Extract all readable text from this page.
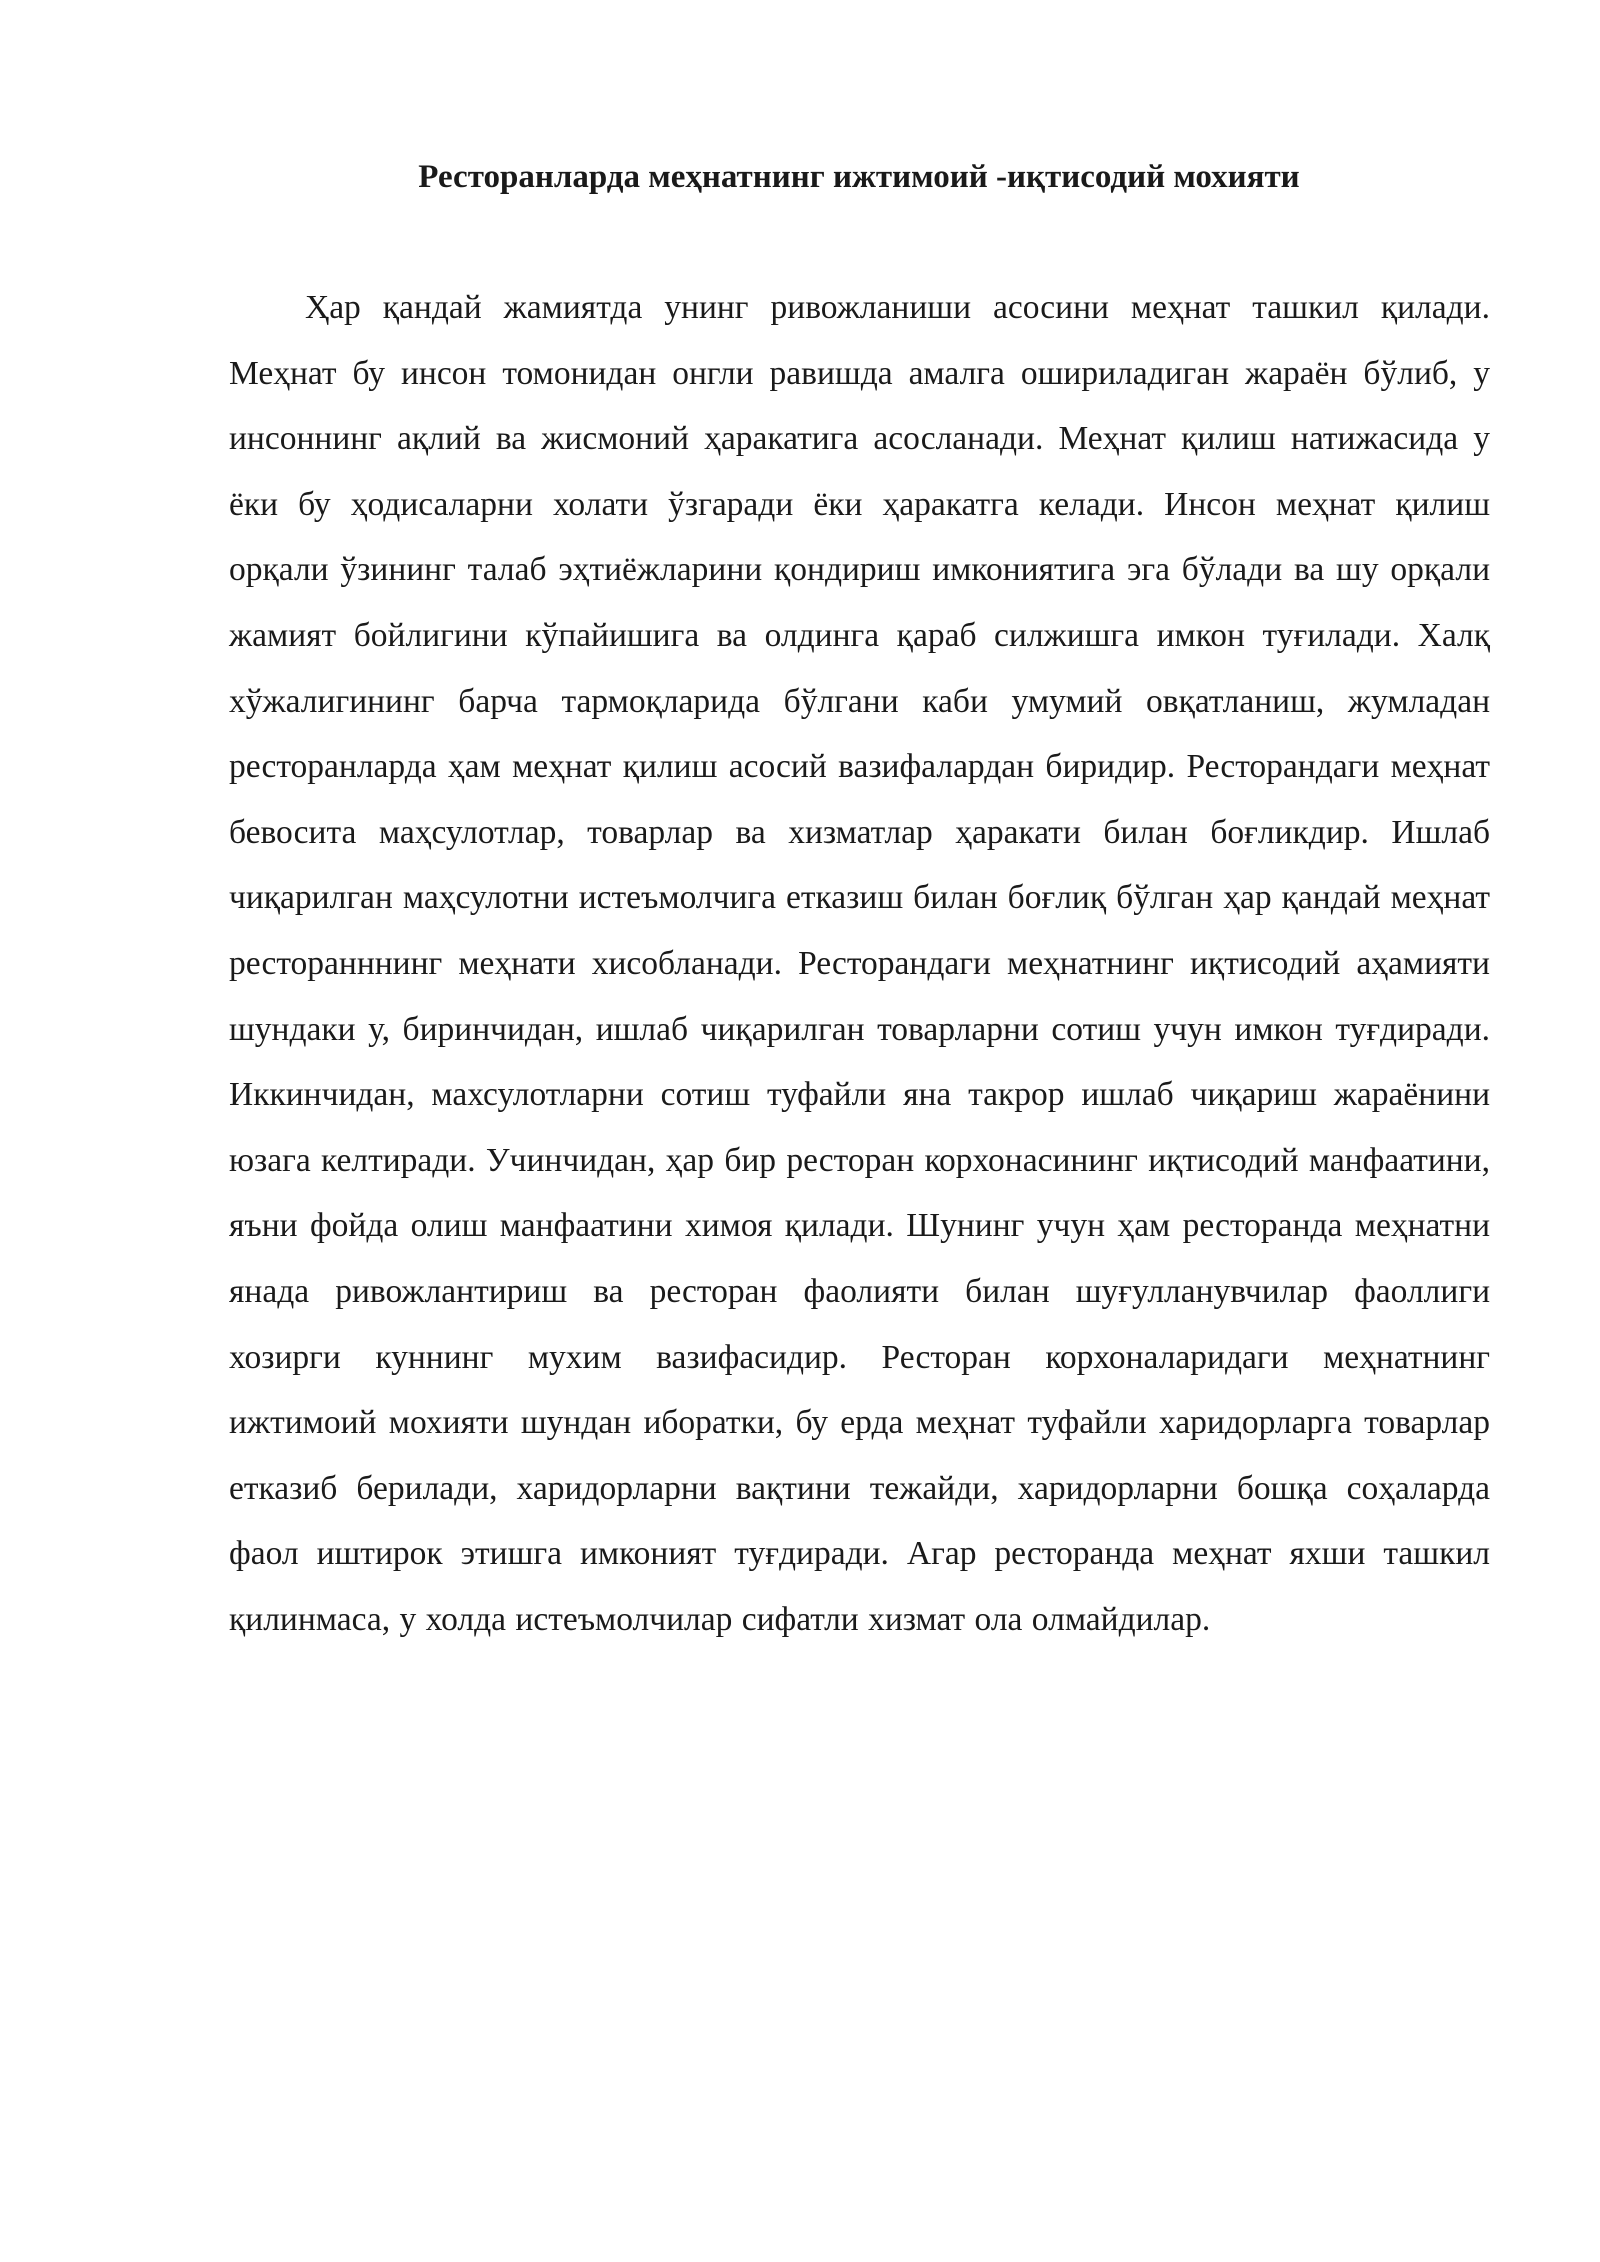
Ресторанларда меҳнатнинг ижтимоий -иқтисодий мохияти

Ҳар қандай жамиятда унинг ривожланиши асосини меҳнат ташкил қилади. Меҳнат бу инсон томонидан онгли равишда амалга ошириладиган жараён бўлиб, у инсоннинг ақлий ва жисмоний ҳаракатига асосланади. Меҳнат қилиш натижасида у ёки бу ҳодисаларни холати ўзгаради ёки ҳаракатга келади. Инсон меҳнат қилиш орқали ўзининг талаб эҳтиёжларини қондириш имкониятига эга бўлади ва шу орқали жамият бойлигини кўпайишига ва олдинга қараб силжишга имкон туғилади. Халқ хўжалигининг барча тармоқларида бўлгани каби умумий овқатланиш, жумладан ресторанларда ҳам меҳнат қилиш асосий вазифалардан биридир. Ресторандаги меҳнат бевосита маҳсулотлар, товарлар ва хизматлар ҳаракати билан боғликдир. Ишлаб чиқарилган маҳсулотни истеъмолчига етказиш билан боғлиқ бўлган ҳар қандай меҳнат ресторанннинг меҳнати хисобланади. Ресторандаги меҳнатнинг иқтисодий аҳамияти шундаки у, биринчидан, ишлаб чиқарилган товарларни сотиш учун имкон туғдиради. Иккинчидан, махсулотларни сотиш туфайли яна такрор ишлаб чиқариш жараёнини юзага келтиради. Учинчидан, ҳар бир ресторан корхонасининг иқтисодий манфаатини, яъни фойда олиш манфаатини химоя қилади. Шунинг учун ҳам ресторанда меҳнатни янада ривожлантириш ва ресторан фаолияти билан шуғулланувчилар фаоллиги хозирги куннинг мухим вазифасидир. Ресторан корхоналаридаги меҳнатнинг ижтимоий мохияти шундан иборатки, бу ерда меҳнат туфайли харидорларга товарлар етказиб берилади, харидорларни вақтини тежайди, харидорларни бошқа соҳаларда фаол иштирок этишга имконият туғдиради. Агар ресторанда меҳнат яхши ташкил қилинмаса, у холда истеъмолчилар сифатли хизмат ола олмайдилар.
